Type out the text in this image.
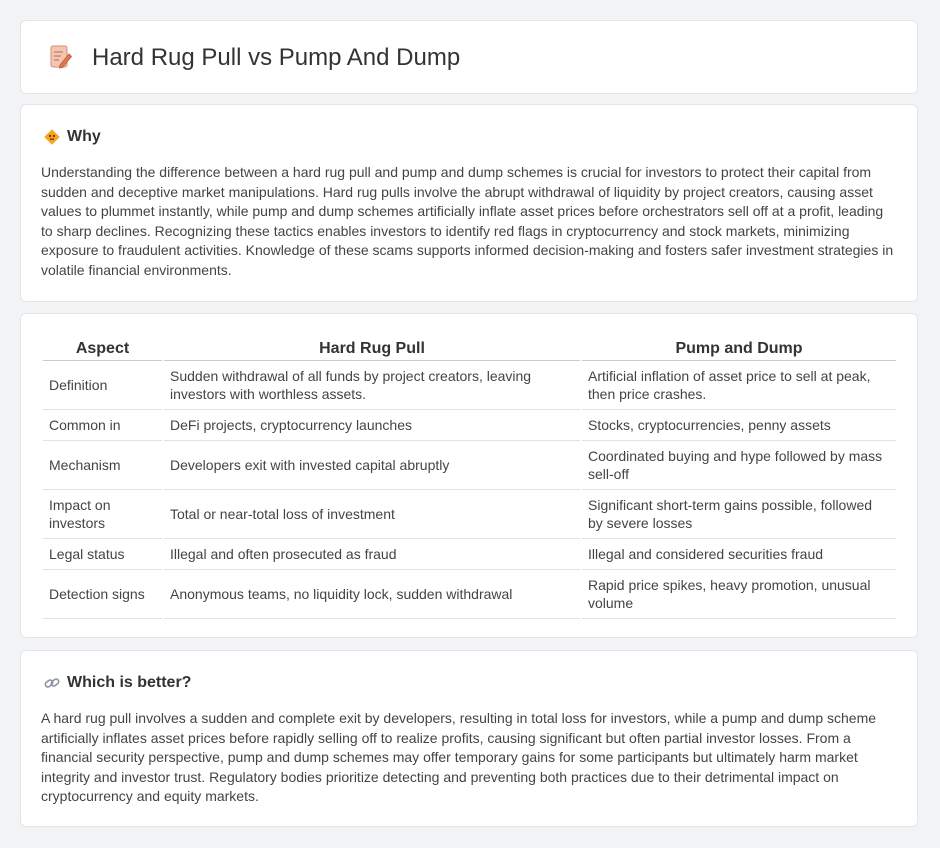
Hard Rug Pull vs Pump And Dump
Why

Understanding the difference between a hard rug pull and pump and dump schemes is crucial for investors to protect their capital from sudden and deceptive market manipulations. Hard rug pulls involve the abrupt withdrawal of liquidity by project creators, causing asset values to plummet instantly, while pump and dump schemes artificially inflate asset prices before orchestrators sell off at a profit, leading to sharp declines. Recognizing these tactics enables investors to identify red flags in cryptocurrency and stock markets, minimizing exposure to fraudulent activities. Knowledge of these scams supports informed decision-making and fosters safer investment strategies in volatile financial environments.

Aspect	Hard Rug Pull	Pump and Dump
Definition	Sudden withdrawal of all funds by project creators, leaving investors with worthless assets.	Artificial inflation of asset price to sell at peak, then price crashes.
Common in	DeFi projects, cryptocurrency launches	Stocks, cryptocurrencies, penny assets
Mechanism	Developers exit with invested capital abruptly	Coordinated buying and hype followed by mass sell-off
Impact on investors	Total or near-total loss of investment	Significant short-term gains possible, followed by severe losses
Legal status	Illegal and often prosecuted as fraud	Illegal and considered securities fraud
Detection signs	Anonymous teams, no liquidity lock, sudden withdrawal	Rapid price spikes, heavy promotion, unusual volume
Which is better?

A hard rug pull involves a sudden and complete exit by developers, resulting in total loss for investors, while a pump and dump scheme artificially inflates asset prices before rapidly selling off to realize profits, causing significant but often partial investor losses. From a financial security perspective, pump and dump schemes may offer temporary gains for some participants but ultimately harm market integrity and investor trust. Regulatory bodies prioritize detecting and preventing both practices due to their detrimental impact on cryptocurrency and equity markets.
